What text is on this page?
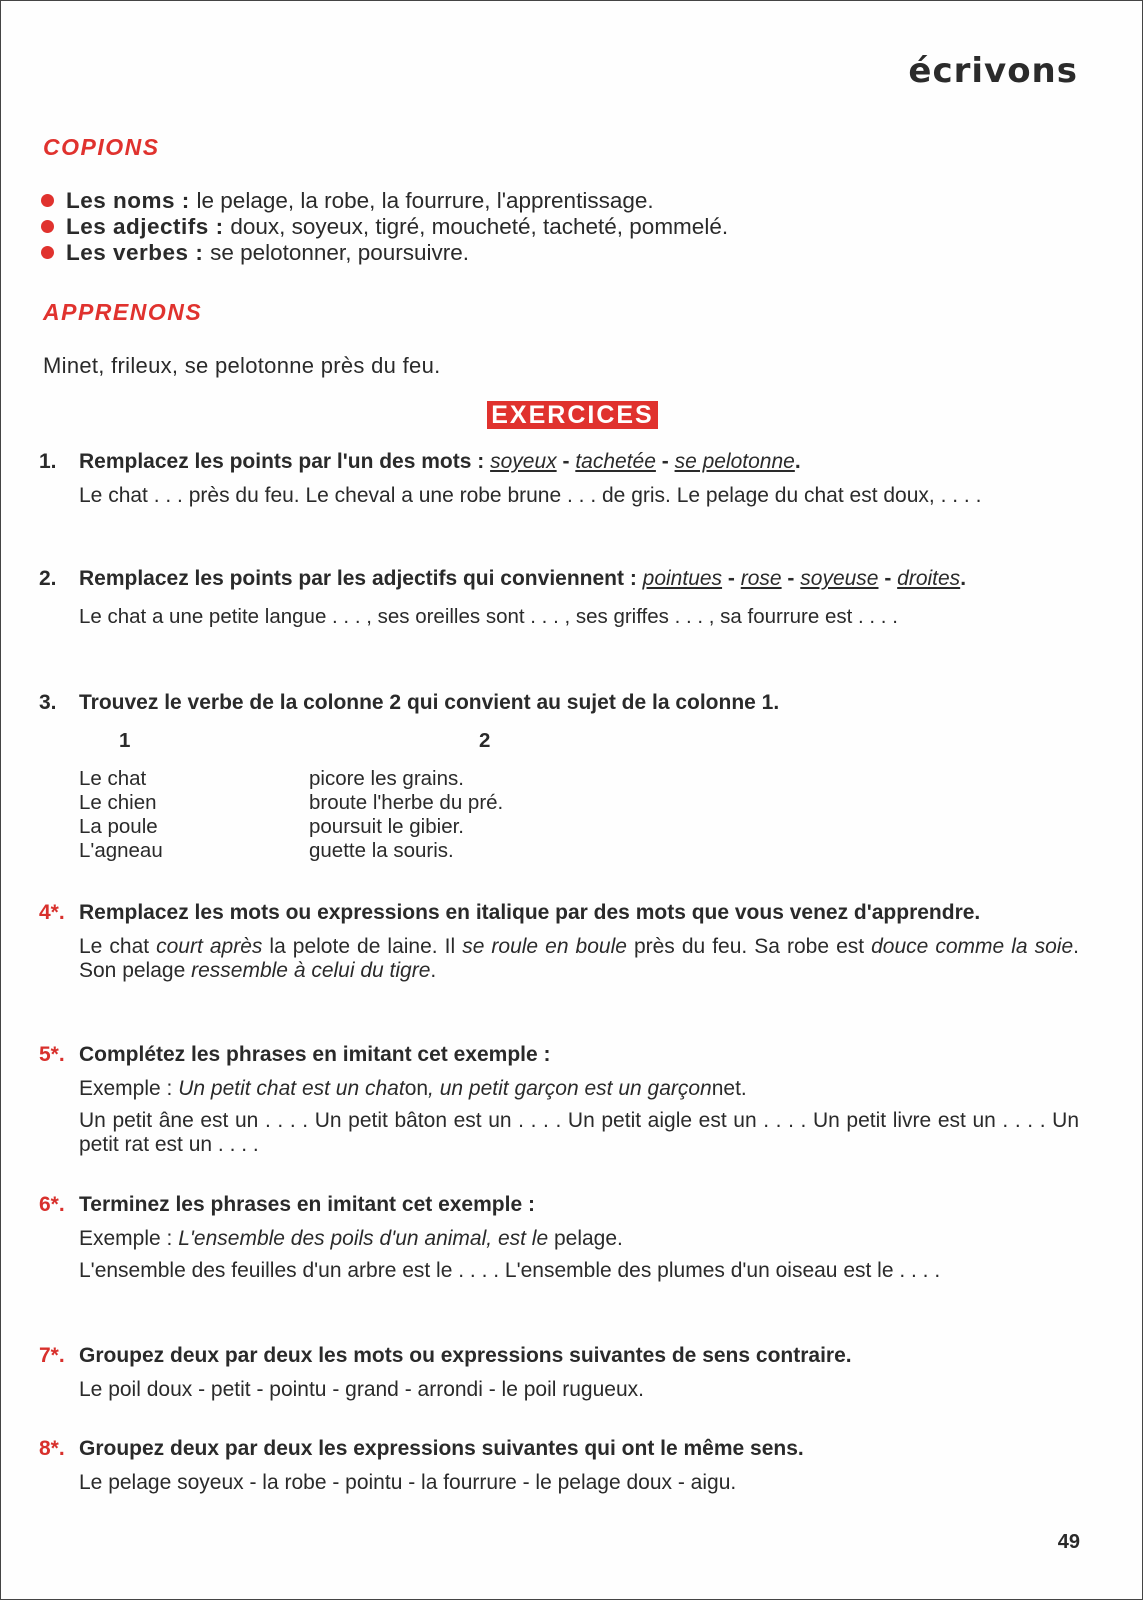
écrivons
COPIONS
Les noms : le pelage, la robe, la fourrure, l'apprentissage.
Les adjectifs : doux, soyeux, tigré, moucheté, tacheté, pommelé.
Les verbes : se pelotonner, poursuivre.
APPRENONS
Minet, frileux, se pelotonne près du feu.
EXERCICES
1. Remplacez les points par l'un des mots : soyeux - tachetée - se pelotonne.
Le chat . . . près du feu. Le cheval a une robe brune . . . de gris. Le pelage du chat est doux, . . . .
2. Remplacez les points par les adjectifs qui conviennent : pointues - rose - soyeuse - droites.
Le chat a une petite langue . . . , ses oreilles sont . . . , ses griffes . . . , sa fourrure est . . . .
3. Trouvez le verbe de la colonne 2 qui convient au sujet de la colonne 1.
1	2
Le chat	picore les grains.
Le chien	broute l'herbe du pré.
La poule	poursuit le gibier.
L'agneau	guette la souris.
4*. Remplacez les mots ou expressions en italique par des mots que vous venez d'apprendre.
Le chat court après la pelote de laine. Il se roule en boule près du feu. Sa robe est douce comme la soie. Son pelage ressemble à celui du tigre.
5*. Complétez les phrases en imitant cet exemple :
Exemple : Un petit chat est un chaton, un petit garçon est un garçonnet.
Un petit âne est un . . . . Un petit bâton est un . . . . Un petit aigle est un . . . . Un petit livre est un . . . . Un petit rat est un . . . .
6*. Terminez les phrases en imitant cet exemple :
Exemple : L'ensemble des poils d'un animal, est le pelage.
L'ensemble des feuilles d'un arbre est le . . . . L'ensemble des plumes d'un oiseau est le . . . .
7*. Groupez deux par deux les mots ou expressions suivantes de sens contraire.
Le poil doux - petit - pointu - grand - arrondi - le poil rugueux.
8*. Groupez deux par deux les expressions suivantes qui ont le même sens.
Le pelage soyeux - la robe - pointu - la fourrure - le pelage doux - aigu.
49
